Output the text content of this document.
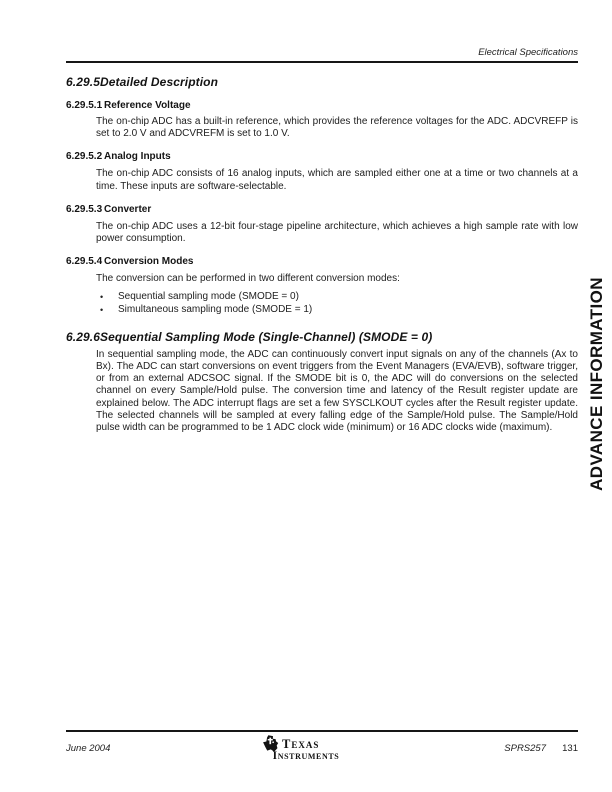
Electrical Specifications
6.29.5 Detailed Description
6.29.5.1 Reference Voltage

The on-chip ADC has a built-in reference, which provides the reference voltages for the ADC. ADCVREFP is set to 2.0 V and ADCVREFM is set to 1.0 V.

6.29.5.2 Analog Inputs

The on-chip ADC consists of 16 analog inputs, which are sampled either one at a time or two channels at a time. These inputs are software-selectable.

6.29.5.3 Converter

The on-chip ADC uses a 12-bit four-stage pipeline architecture, which achieves a high sample rate with low power consumption.

6.29.5.4 Conversion Modes

The conversion can be performed in two different conversion modes:

•	Sequential sampling mode (SMODE = 0)
•	Simultaneous sampling mode (SMODE = 1)
6.29.6 Sequential Sampling Mode (Single-Channel) (SMODE = 0)

In sequential sampling mode, the ADC can continuously convert input signals on any of the channels (Ax to Bx). The ADC can start conversions on event triggers from the Event Managers (EVA/EVB), software trigger, or from an external ADCSOC signal. If the SMODE bit is 0, the ADC will do conversions on the selected channel on every Sample/Hold pulse. The conversion time and latency of the Result register update are explained below. The ADC interrupt flags are set a few SYSCLKOUT cycles after the Result register update. The selected channels will be sampled at every falling edge of the Sample/Hold pulse. The Sample/Hold pulse width can be programmed to be 1 ADC clock wide (minimum) or 16 ADC clocks wide (maximum).	ADVANCE INFORMATION
June 2004	Texas
Instruments
SPRS257 131
